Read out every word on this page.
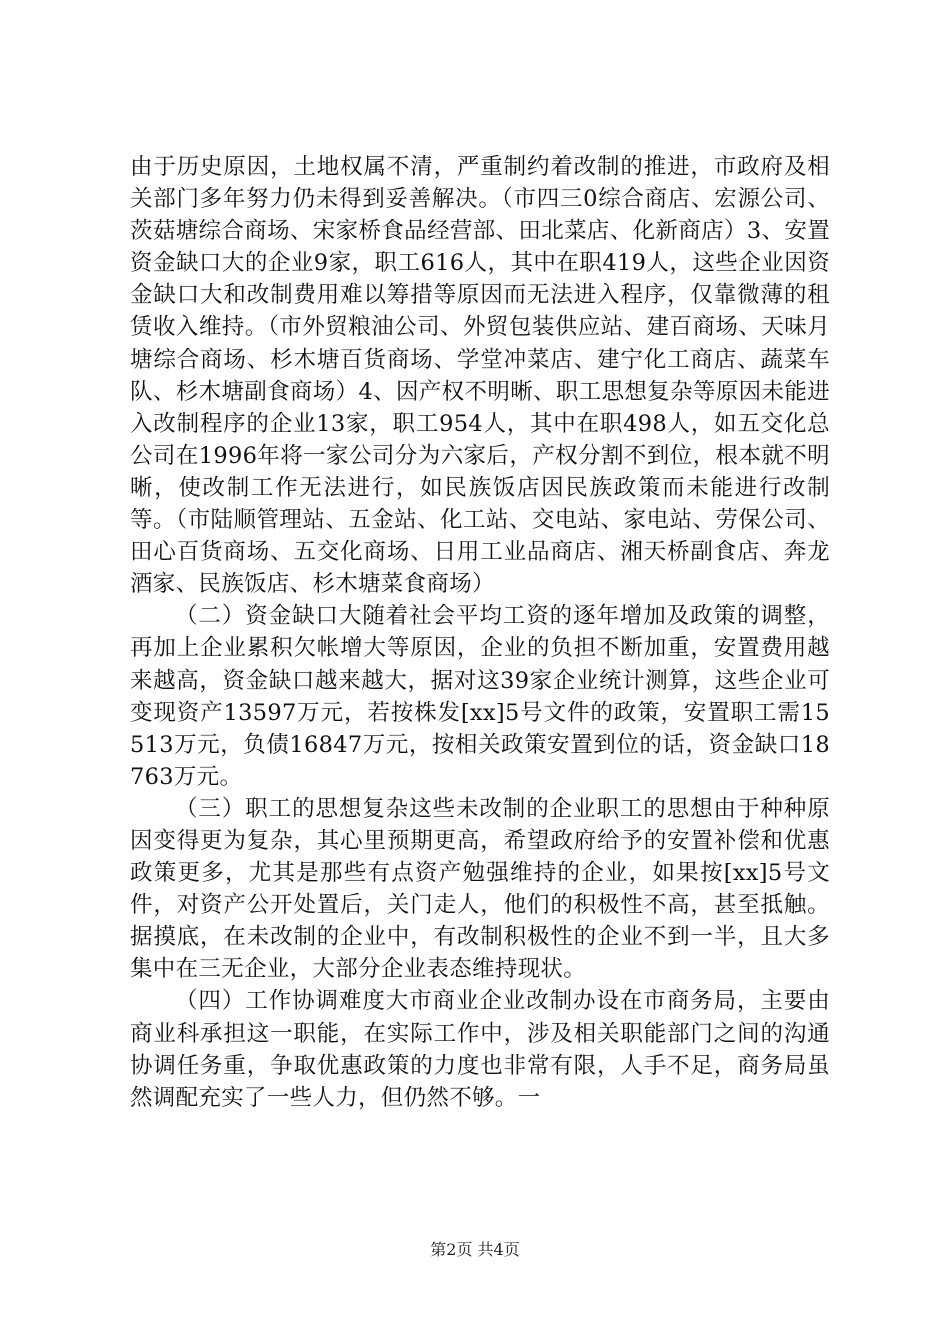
由于历史原因，土地权属不清，严重制约着改制的推进，市政府及相关部门多年努力仍未得到妥善解决。（市四三0综合商店、宏源公司、茨菇塘综合商场、宋家桥食品经营部、田北菜店、化新商店）3、安置资金缺口大的企业9家，职工616人，其中在职419人，这些企业因资金缺口大和改制费用难以筹措等原因而无法进入程序，仅靠微薄的租赁收入维持。（市外贸粮油公司、外贸包装供应站、建百商场、天味月塘综合商场、杉木塘百货商场、学堂冲菜店、建宁化工商店、蔬菜车队、杉木塘副食商场）4、因产权不明晰、职工思想复杂等原因未能进入改制程序的企业13家，职工954人，其中在职498人，如五交化总公司在1996年将一家公司分为六家后，产权分割不到位，根本就不明晰，使改制工作无法进行，如民族饭店因民族政策而未能进行改制等。（市陆顺管理站、五金站、化工站、交电站、家电站、劳保公司、田心百货商场、五交化商场、日用工业品商店、湘天桥副食店、奔龙酒家、民族饭店、杉木塘菜食商场）

（二）资金缺口大随着社会平均工资的逐年增加及政策的调整，再加上企业累积欠帐增大等原因，企业的负担不断加重，安置费用越来越高，资金缺口越来越大，据对这39家企业统计测算，这些企业可变现资产13597万元，若按株发[xx]5号文件的政策，安置职工需15513万元，负债16847万元，按相关政策安置到位的话，资金缺口18763万元。

（三）职工的思想复杂这些未改制的企业职工的思想由于种种原因变得更为复杂，其心里预期更高，希望政府给予的安置补偿和优惠政策更多，尤其是那些有点资产勉强维持的企业，如果按[xx]5号文件，对资产公开处置后，关门走人，他们的积极性不高，甚至抵触。据摸底，在未改制的企业中，有改制积极性的企业不到一半，且大多集中在三无企业，大部分企业表态维持现状。

（四）工作协调难度大市商业企业改制办设在市商务局，主要由商业科承担这一职能，在实际工作中，涉及相关职能部门之间的沟通协调任务重，争取优惠政策的力度也非常有限，人手不足，商务局虽然调配充实了一些人力，但仍然不够。一

第2页 共4页
